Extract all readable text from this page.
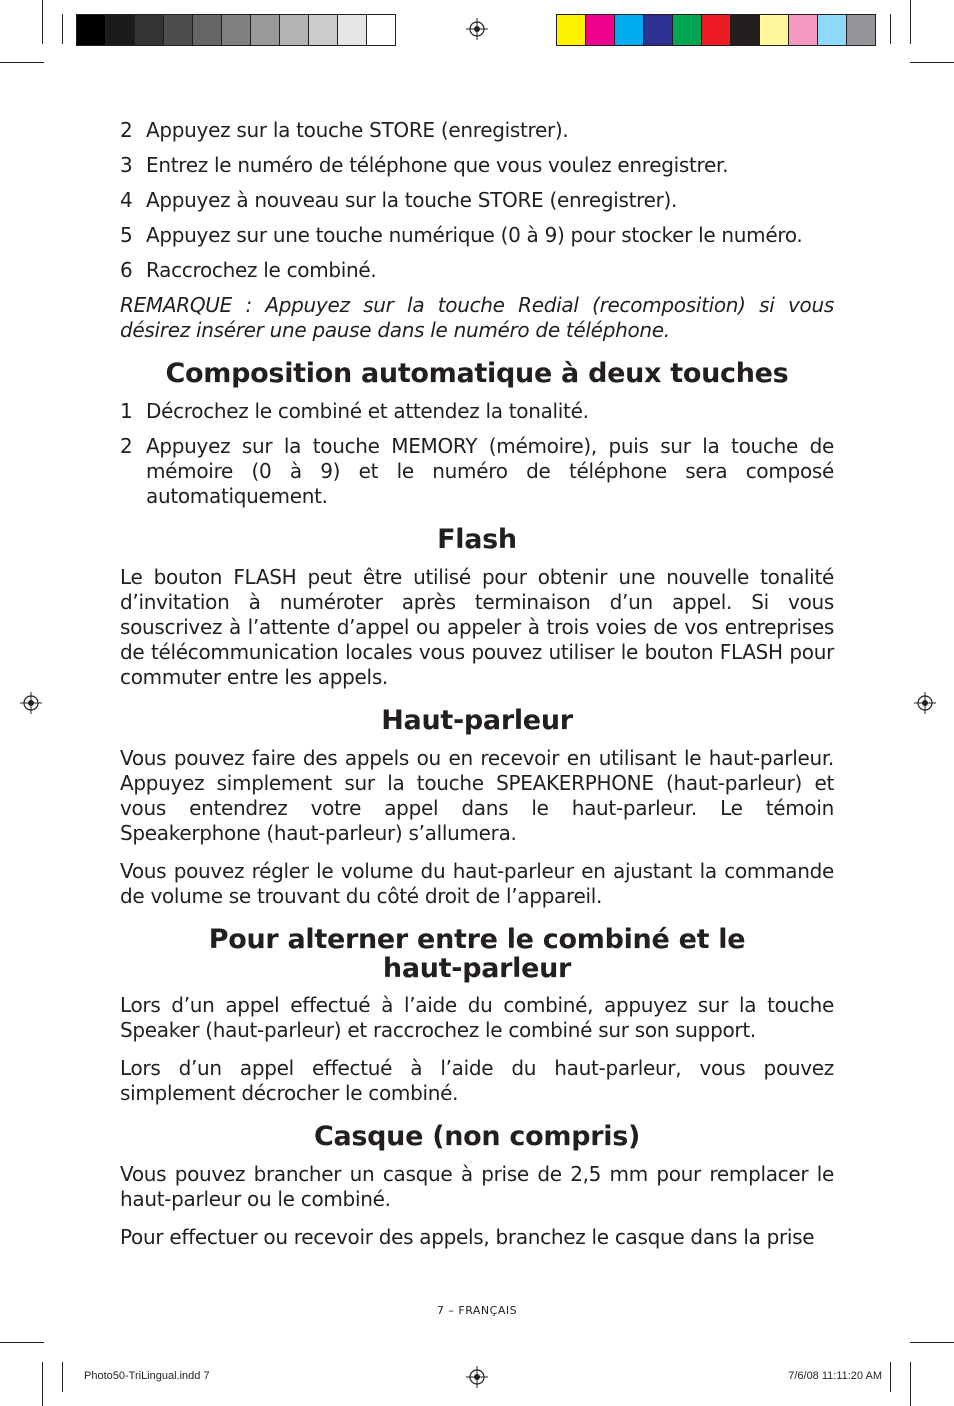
2 Appuyez sur la touche STORE (enregistrer).
3 Entrez le numéro de téléphone que vous voulez enregistrer.
4 Appuyez à nouveau sur la touche STORE (enregistrer).
5 Appuyez sur une touche numérique (0 à 9) pour stocker le numéro.
6 Raccrochez le combiné.

REMARQUE : Appuyez sur la touche Redial (recomposition) si vous désirez insérer une pause dans le numéro de téléphone.

Composition automatique à deux touches
1 Décrochez le combiné et attendez la tonalité.
2 Appuyez sur la touche MEMORY (mémoire), puis sur la touche de mémoire (0 à 9) et le numéro de téléphone sera composé automatiquement.
Flash

Le bouton FLASH peut être utilisé pour obtenir une nouvelle tonalité d’invitation à numéroter après terminaison d’un appel. Si vous souscrivez à l’attente d’appel ou appeler à trois voies de vos entreprises de télécommunication locales vous pouvez utiliser le bouton FLASH pour commuter entre les appels.

Haut-parleur

Vous pouvez faire des appels ou en recevoir en utilisant le haut-parleur. Appuyez simplement sur la touche SPEAKERPHONE (haut-parleur) et vous entendrez votre appel dans le haut-parleur. Le témoin Speakerphone (haut-parleur) s’allumera.

Vous pouvez régler le volume du haut-parleur en ajustant la commande de volume se trouvant du côté droit de l’appareil.

Pour alterner entre le combiné et le
haut-parleur

Lors d’un appel effectué à l’aide du combiné, appuyez sur la touche Speaker (haut-parleur) et raccrochez le combiné sur son support.

Lors d’un appel effectué à l’aide du haut-parleur, vous pouvez simplement décrocher le combiné.

Casque (non compris)

Vous pouvez brancher un casque à prise de 2,5 mm pour remplacer le haut-parleur ou le combiné.

Pour effectuer ou recevoir des appels, branchez le casque dans la prise

7 – FRANÇAIS
Photo50-TriLingual.indd 7	7/6/08 11:11:20 AM
